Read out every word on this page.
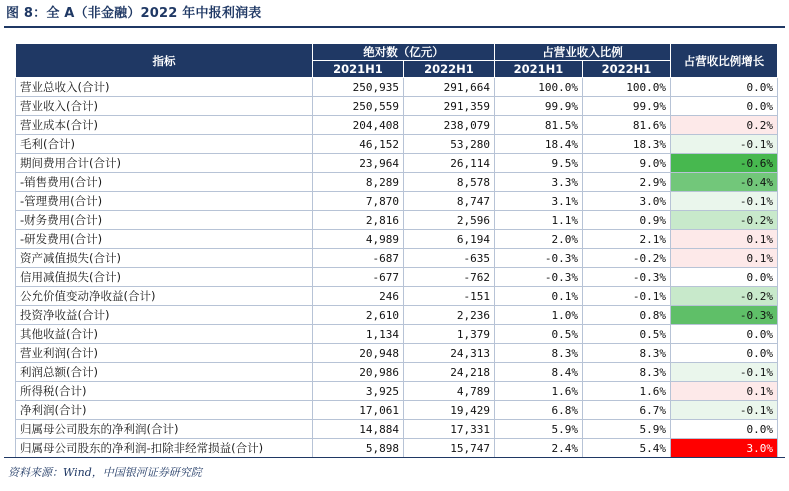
图 8：全 A（非金融）2022 年中报利润表
指标	绝对数（亿元）		占营业收入比例		占营收比例增长
	2021H1	2022H1	2021H1	2022H1	
营业总收入(合计)	250,935	291,664	100.0%	100.0%	0.0%
营业收入(合计)	250,559	291,359	99.9%	99.9%	0.0%
营业成本(合计)	204,408	238,079	81.5%	81.6%	0.2%
毛利(合计)	46,152	53,280	18.4%	18.3%	-0.1%
期间费用合计(合计)	23,964	26,114	9.5%	9.0%	-0.6%
-销售费用(合计)	8,289	8,578	3.3%	2.9%	-0.4%
-管理费用(合计)	7,870	8,747	3.1%	3.0%	-0.1%
-财务费用(合计)	2,816	2,596	1.1%	0.9%	-0.2%
-研发费用(合计)	4,989	6,194	2.0%	2.1%	0.1%
资产减值损失(合计)	-687	-635	-0.3%	-0.2%	0.1%
信用减值损失(合计)	-677	-762	-0.3%	-0.3%	0.0%
公允价值变动净收益(合计)	246	-151	0.1%	-0.1%	-0.2%
投资净收益(合计)	2,610	2,236	1.0%	0.8%	-0.3%
其他收益(合计)	1,134	1,379	0.5%	0.5%	0.0%
营业利润(合计)	20,948	24,313	8.3%	8.3%	0.0%
利润总额(合计)	20,986	24,218	8.4%	8.3%	-0.1%
所得税(合计)	3,925	4,789	1.6%	1.6%	0.1%
净利润(合计)	17,061	19,429	6.8%	6.7%	-0.1%
归属母公司股东的净利润(合计)	14,884	17,331	5.9%	5.9%	0.0%
归属母公司股东的净利润-扣除非经常损益(合计)	5,898	15,747	2.4%	5.4%	3.0%
资料来源：Wind，中国银河证券研究院
